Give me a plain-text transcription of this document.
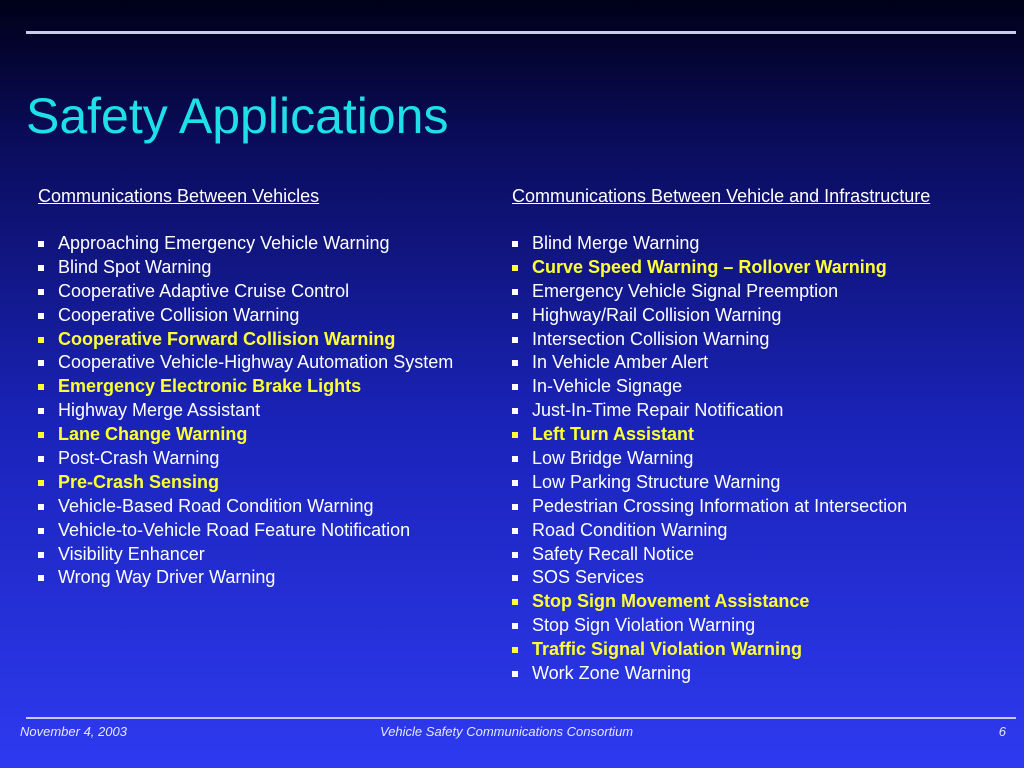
Safety Applications
Communications Between Vehicles
Approaching Emergency Vehicle Warning
Blind Spot Warning
Cooperative Adaptive Cruise Control
Cooperative Collision Warning
Cooperative Forward Collision Warning
Cooperative Vehicle-Highway Automation System
Emergency Electronic Brake Lights
Highway Merge Assistant
Lane Change Warning
Post-Crash Warning
Pre-Crash Sensing
Vehicle-Based Road Condition Warning
Vehicle-to-Vehicle Road Feature Notification
Visibility Enhancer
Wrong Way Driver Warning
Communications Between Vehicle and Infrastructure
Blind Merge Warning
Curve Speed Warning – Rollover Warning
Emergency Vehicle Signal Preemption
Highway/Rail Collision Warning
Intersection Collision Warning
In Vehicle Amber Alert
In-Vehicle Signage
Just-In-Time Repair Notification
Left Turn Assistant
Low Bridge Warning
Low Parking Structure Warning
Pedestrian Crossing Information at Intersection
Road Condition Warning
Safety Recall Notice
SOS Services
Stop Sign Movement Assistance
Stop Sign Violation Warning
Traffic Signal Violation Warning
Work Zone Warning
November 4, 2003	Vehicle Safety Communications Consortium	6
